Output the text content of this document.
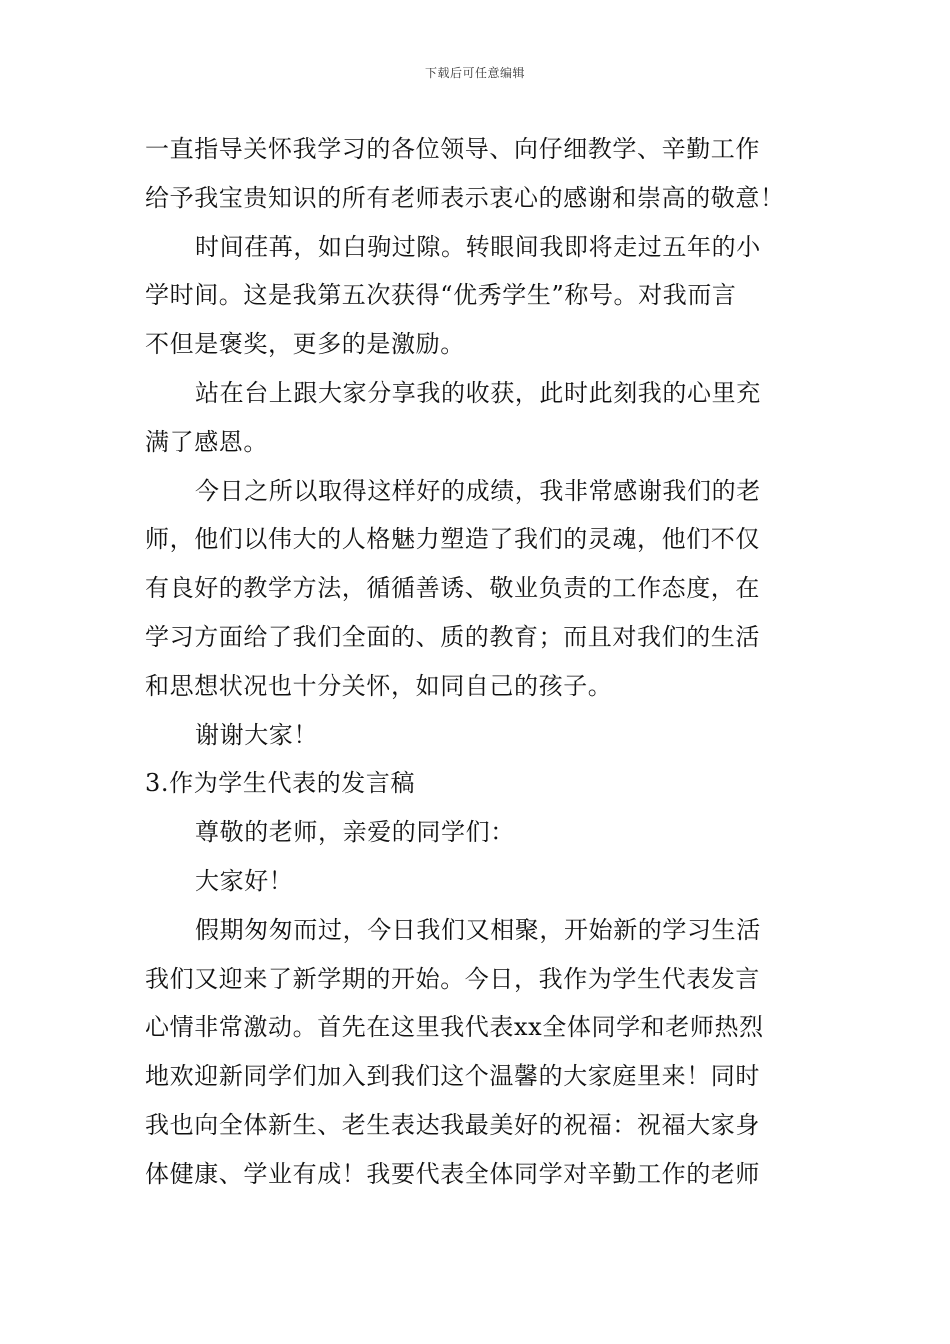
下载后可任意编辑
一直指导关怀我学习的各位领导、向仔细教学、辛勤工作
给予我宝贵知识的所有老师表示衷心的感谢和崇高的敬意！
时间荏苒，如白驹过隙。转眼间我即将走过五年的小
学时间。这是我第五次获得“优秀学生”称号。对我而言
不但是褒奖，更多的是激励。
站在台上跟大家分享我的收获，此时此刻我的心里充
满了感恩。
今日之所以取得这样好的成绩，我非常感谢我们的老
师，他们以伟大的人格魅力塑造了我们的灵魂，他们不仅
有良好的教学方法，循循善诱、敬业负责的工作态度，在
学习方面给了我们全面的、质的教育；而且对我们的生活
和思想状况也十分关怀，如同自己的孩子。
谢谢大家！
3.作为学生代表的发言稿
尊敬的老师，亲爱的同学们：
大家好！
假期匆匆而过，今日我们又相聚，开始新的学习生活
我们又迎来了新学期的开始。今日，我作为学生代表发言
心情非常激动。首先在这里我代表xx全体同学和老师热烈
地欢迎新同学们加入到我们这个温馨的大家庭里来！同时
我也向全体新生、老生表达我最美好的祝福：祝福大家身
体健康、学业有成！我要代表全体同学对辛勤工作的老师
